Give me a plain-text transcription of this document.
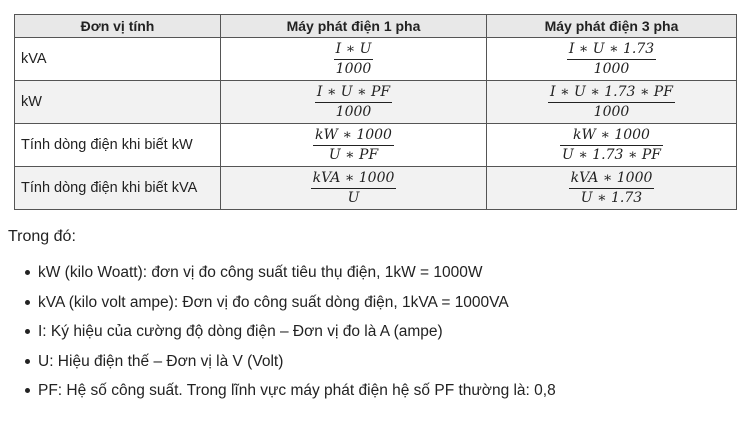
Đơn vị tính	Máy phát điện 1 pha	Máy phát điện 3 pha
kVA	$\frac{I ∗ U}{1000}$	$\frac{I ∗ U ∗ 1.73}{1000}$

kW	$\frac{I ∗ U ∗ PF}{1000}$	$\frac{I ∗ U ∗ 1.73 ∗ PF}{1000}$

Tính dòng điện khi biết kW	$\frac{kW ∗ 1000}{U ∗ PF}$	$\frac{kW ∗ 1000}{U ∗ 1.73 ∗ PF}$

Tính dòng điện khi biết kVA	$\frac{\text{kVA ∗ 1000}}{U}$	$\frac{\text{kVA ∗ 1000}}{U ∗ 1.73}$
Trong đó:
kW (kilo Woatt): đơn vị đo công suất tiêu thụ điện, 1kW = 1000W
kVA (kilo volt ampe): Đơn vị đo công suất dòng điện, 1kVA = 1000VA
I: Ký hiệu của cường độ dòng điện – Đơn vị đo là A (ampe)
U: Hiệu điện thế – Đơn vị là V (Volt)
PF: Hệ số công suất. Trong lĩnh vực máy phát điện hệ số PF thường là: 0,8
